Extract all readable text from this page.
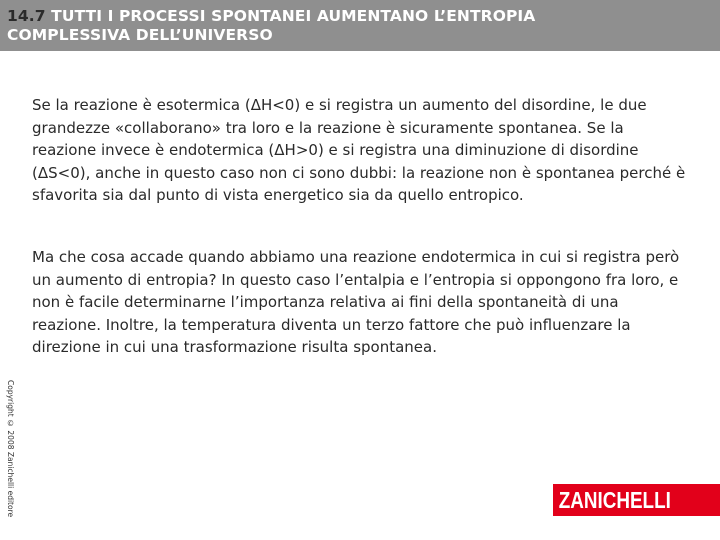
14.7 TUTTI I PROCESSI SPONTANEI AUMENTANO L’ENTROPIA
COMPLESSIVA DELL’UNIVERSO

Se la reazione è esotermica (ΔH<0) e si registra un aumento del disordine, le due grandezze «collaborano» tra loro e la reazione è sicuramente spontanea. Se la reazione invece è endotermica (ΔH>0) e si registra una diminuzione di disordine (ΔS<0), anche in questo caso non ci sono dubbi: la reazione non è spontanea perché è sfavorita sia dal punto di vista energetico sia da quello entropico.

Ma che cosa accade quando abbiamo una reazione endotermica in cui si registra però un aumento di entropia? In questo caso l’entalpia e l’entropia si oppongono fra loro, e non è facile determinarne l’importanza relativa ai fini della spontaneità di una reazione. Inoltre, la temperatura diventa un terzo fattore che può influenzare la direzione in cui una trasformazione risulta spontanea.

Copyright © 2008 Zanichelli editore	ZANICHELLI
